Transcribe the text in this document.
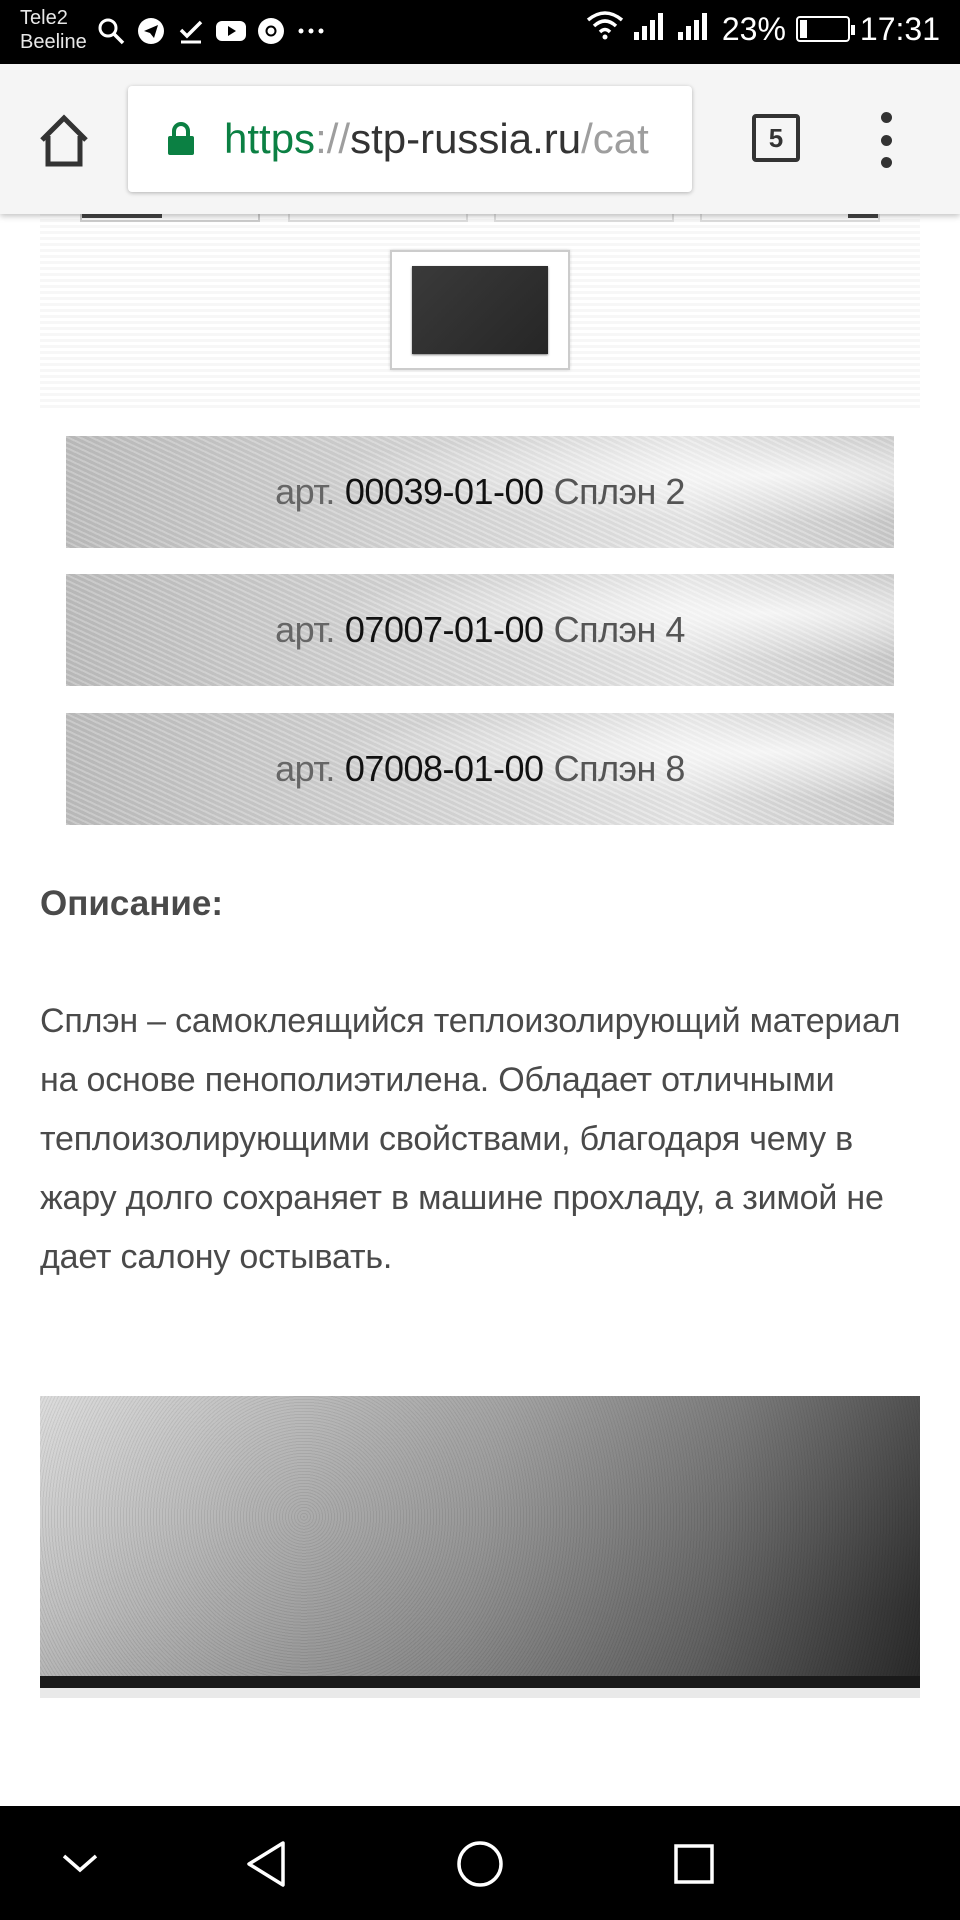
Tele2
Beeline	23% 17:31
https://stp-russia.ru/cat	5
арт. 00039-01-00 Сплэн 2
арт. 07007-01-00 Сплэн 4
арт. 07008-01-00 Сплэн 8
Описание:
Сплэн – самоклеящийся теплоизолирующий материал на основе пенополиэтилена. Обладает отличными теплоизолирующими свойствами, благодаря чему в жару долго сохраняет в машине прохладу, а зимой не дает салону остывать.
